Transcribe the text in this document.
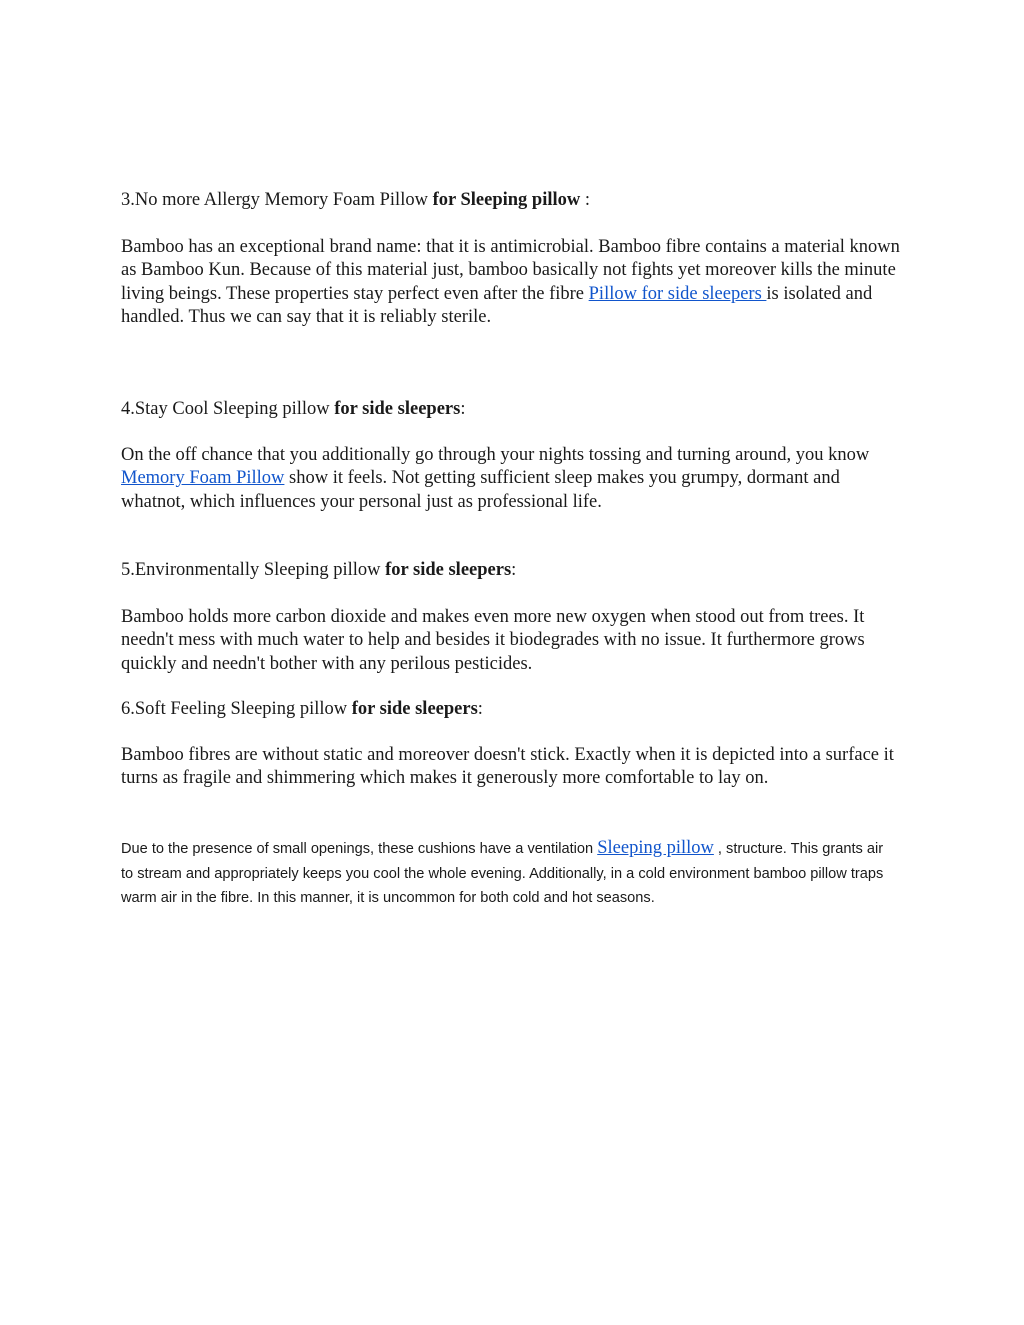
3.No more Allergy Memory Foam Pillow for Sleeping pillow :

Bamboo has an exceptional brand name: that it is antimicrobial. Bamboo fibre contains a material known as Bamboo Kun. Because of this material just, bamboo basically not fights yet moreover kills the minute living beings. These properties stay perfect even after the fibre Pillow for side sleepers is isolated and handled. Thus we can say that it is reliably sterile.

4.Stay Cool Sleeping pillow for side sleepers:

On the off chance that you additionally go through your nights tossing and turning around, you know Memory Foam Pillow show it feels. Not getting sufficient sleep makes you grumpy, dormant and whatnot, which influences your personal just as professional life.

5.Environmentally Sleeping pillow for side sleepers:

Bamboo holds more carbon dioxide and makes even more new oxygen when stood out from trees. It needn't mess with much water to help and besides it biodegrades with no issue. It furthermore grows quickly and needn't bother with any perilous pesticides.

6.Soft Feeling Sleeping pillow for side sleepers:

Bamboo fibres are without static and moreover doesn't stick. Exactly when it is depicted into a surface it turns as fragile and shimmering which makes it generously more comfortable to lay on.

Due to the presence of small openings, these cushions have a ventilation Sleeping pillow , structure. This grants air to stream and appropriately keeps you cool the whole evening. Additionally, in a cold environment bamboo pillow traps warm air in the fibre. In this manner, it is uncommon for both cold and hot seasons.
